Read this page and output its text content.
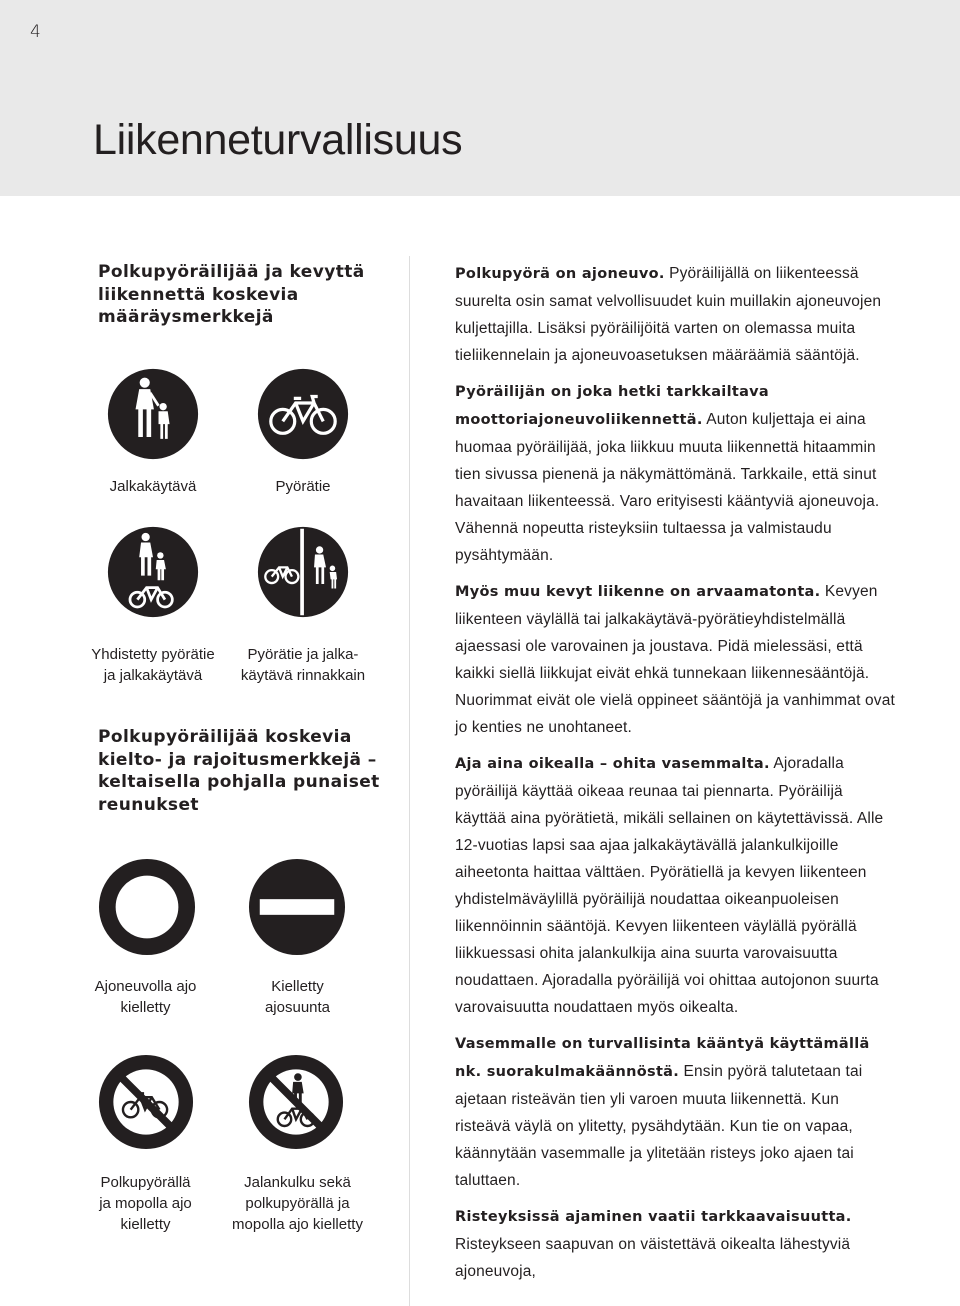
4
Liikenneturvallisuus
Polkupyöräilijää ja kevyttä liikennettä koskevia määräysmerkkejä
Jalkakäytävä	Pyörätie
Yhdistetty pyörätie
ja jalkakäytävä
Pyörätie ja jalka-
käytävä rinnakkain
Polkupyöräilijää koskevia kielto- ja rajoitusmerkkejä – keltaisella pohjalla punaiset reunukset
Ajoneuvolla ajo
kielletty
Kielletty
ajosuunta
Polkupyörällä
ja mopolla ajo
kielletty
Jalankulku sekä
polkupyörällä ja
mopolla ajo kielletty

Polkupyörä on ajoneuvo. Pyöräilijällä on liikenteessä suurelta osin samat velvollisuudet kuin muillakin ajoneuvojen kuljettajilla. Lisäksi pyöräilijöitä varten on olemassa muita tieliikennelain ja ajoneuvoasetuksen määräämiä sääntöjä.

Pyöräilijän on joka hetki tarkkailtava moottoriajoneuvoliikennettä. Auton kuljettaja ei aina huomaa pyöräilijää, joka liikkuu muuta liikennettä hitaammin tien sivussa pienenä ja näkymättömänä. Tarkkaile, että sinut havaitaan liikenteessä. Varo erityisesti kääntyviä ajoneuvoja. Vähennä nopeutta risteyksiin tultaessa ja valmistaudu pysähtymään.

Myös muu kevyt liikenne on arvaamatonta. Kevyen liikenteen väylällä tai jalkakäytävä-pyörätieyhdistelmällä ajaessasi ole varovainen ja joustava. Pidä mielessäsi, että kaikki siellä liikkujat eivät ehkä tunnekaan liikennesääntöjä. Nuorimmat eivät ole vielä oppineet sääntöjä ja vanhimmat ovat jo kenties ne unohtaneet.

Aja aina oikealla – ohita vasemmalta. Ajoradalla pyöräilijä käyttää oikeaa reunaa tai piennarta. Pyöräilijä käyttää aina pyörätietä, mikäli sellainen on käytettävissä. Alle 12-vuotias lapsi saa ajaa jalkakäytävällä jalankulkijoille aiheetonta haittaa välttäen. Pyörätiellä ja kevyen liikenteen yhdistelmäväylillä pyöräilijä noudattaa oikeanpuoleisen liikennöinnin sääntöjä. Kevyen liikenteen väylällä pyörällä liikkuessasi ohita jalankulkija aina suurta varovaisuutta noudattaen. Ajoradalla pyöräilijä voi ohittaa autojonon suurta varovaisuutta noudattaen myös oikealta.

Vasemmalle on turvallisinta kääntyä käyttämällä nk. suorakulmakäännöstä. Ensin pyörä talutetaan tai ajetaan risteävän tien yli varoen muuta liikennettä. Kun risteävä väylä on ylitetty, pysähdytään. Kun tie on vapaa, käännytään vasemmalle ja ylitetään risteys joko ajaen tai taluttaen.

Risteyksissä ajaminen vaatii tarkkaavaisuutta. Risteykseen saapuvan on väistettävä oikealta lähestyviä ajoneuvoja,
